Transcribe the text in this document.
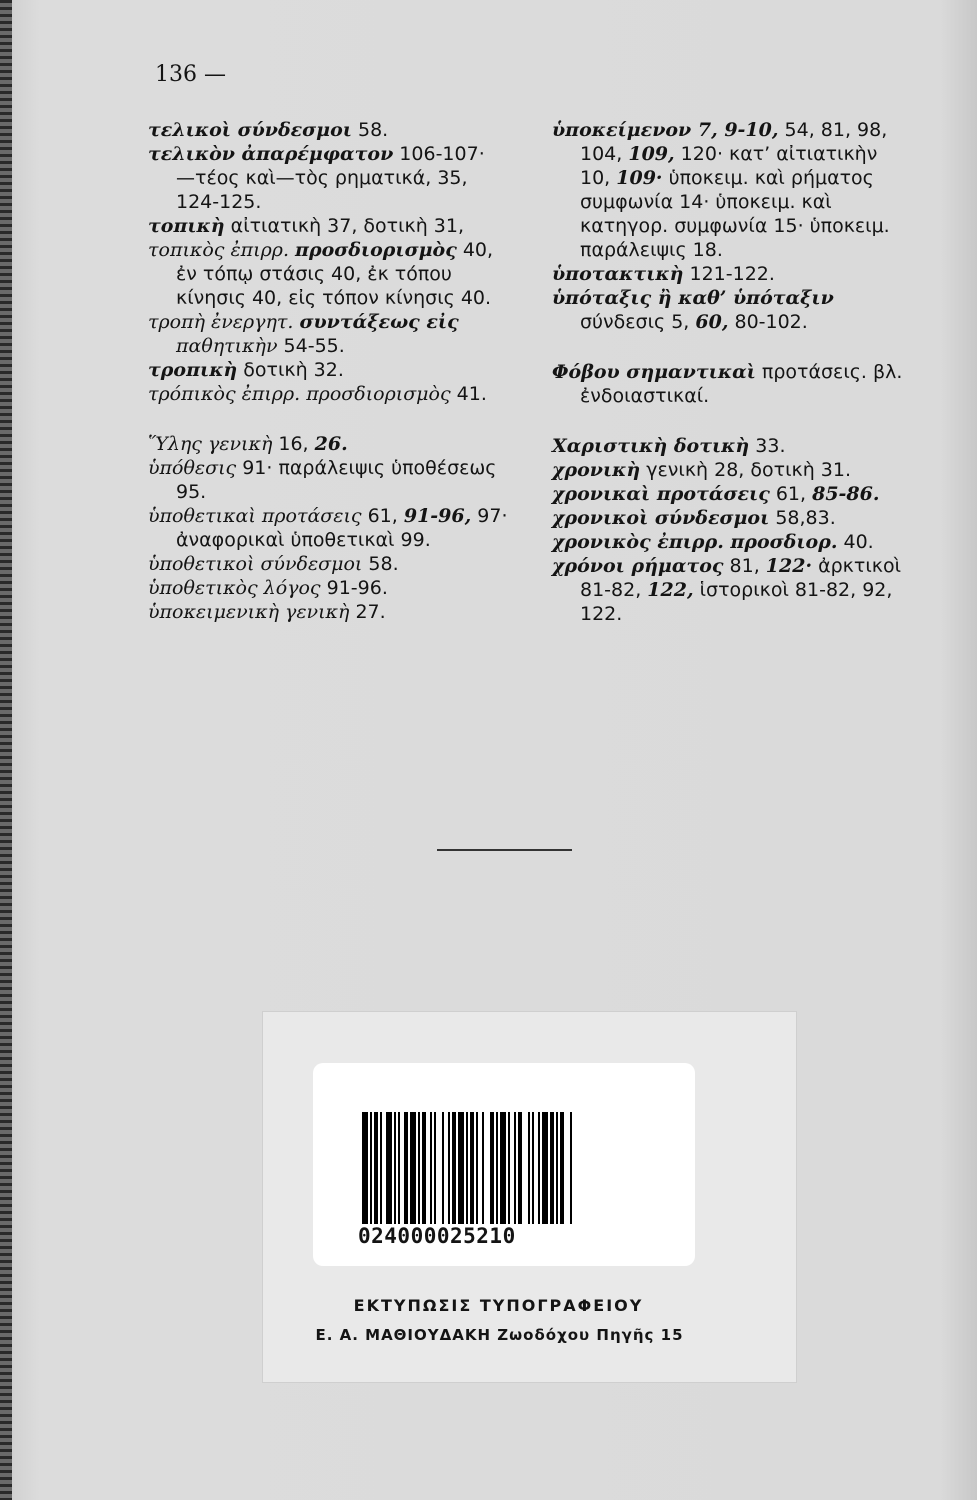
136 —

τελικοὶ σύνδεσμοι 58.

τελικὸν ἀπαρέμφατον 106-107· —τέος καὶ—τὸς ρηματικά, 35, 124-125.

τοπικὴ αἰτιατικὴ 37, δοτικὴ 31,

τοπικὸς ἐπιρρ. προσδιορισμὸς 40, ἐν τόπῳ στάσις 40, ἐκ τόπου κίνησις 40, εἰς τόπον κίνησις 40.

τροπὴ ἐνεργητ. συντάξεως εἰς παθητικὴν 54-55.

τροπικὴ δοτικὴ 32.

τρόπικὸς ἐπιρρ. προσδιορισμὸς 41.

Ὕλης γενικὴ 16, 26.

ὑπόθεσις 91· παράλειψις ὑποθέσεως 95.

ὑποθετικαὶ προτάσεις 61, 91-96, 97· ἀναφορικαὶ ὑποθετικαὶ 99.

ὑποθετικοὶ σύνδεσμοι 58.

ὑποθετικὸς λόγος 91-96.

ὑποκειμενικὴ γενικὴ 27.

ὑποκείμενον 7, 9-10, 54, 81, 98, 104, 109, 120· κατ’ αἰτιατικὴν 10, 109· ὑποκειμ. καὶ ρήματος συμφωνία 14· ὑποκειμ. καὶ κατηγορ. συμφωνία 15· ὑποκειμ. παράλειψις 18.

ὑποτακτικὴ 121-122.

ὑπόταξις ἢ καθ’ ὑπόταξιν σύνδεσις 5, 60, 80-102.

Φόβου σημαντικαὶ προτάσεις. βλ. ἐνδοιαστικαί.

Χαριστικὴ δοτικὴ 33.

χρονικὴ γενικὴ 28, δοτικὴ 31.

χρονικαὶ προτάσεις 61, 85-86.

χρονικοὶ σύνδεσμοι 58,83.

χρονικὸς ἐπιρρ. προσδιορ. 40.

χρόνοι ρήματος 81, 122· ἀρκτικοὶ 81-82, 122, ἱστορικοὶ 81-82, 92, 122.

024000025210
ΕΚΤΥΠΩΣΙΣ ΤΥΠΟΓΡΑΦΕΙΟΥ
Ε. Α. ΜΑΘΙΟΥΔΑΚΗ Ζωοδόχου Πηγῆς 15
